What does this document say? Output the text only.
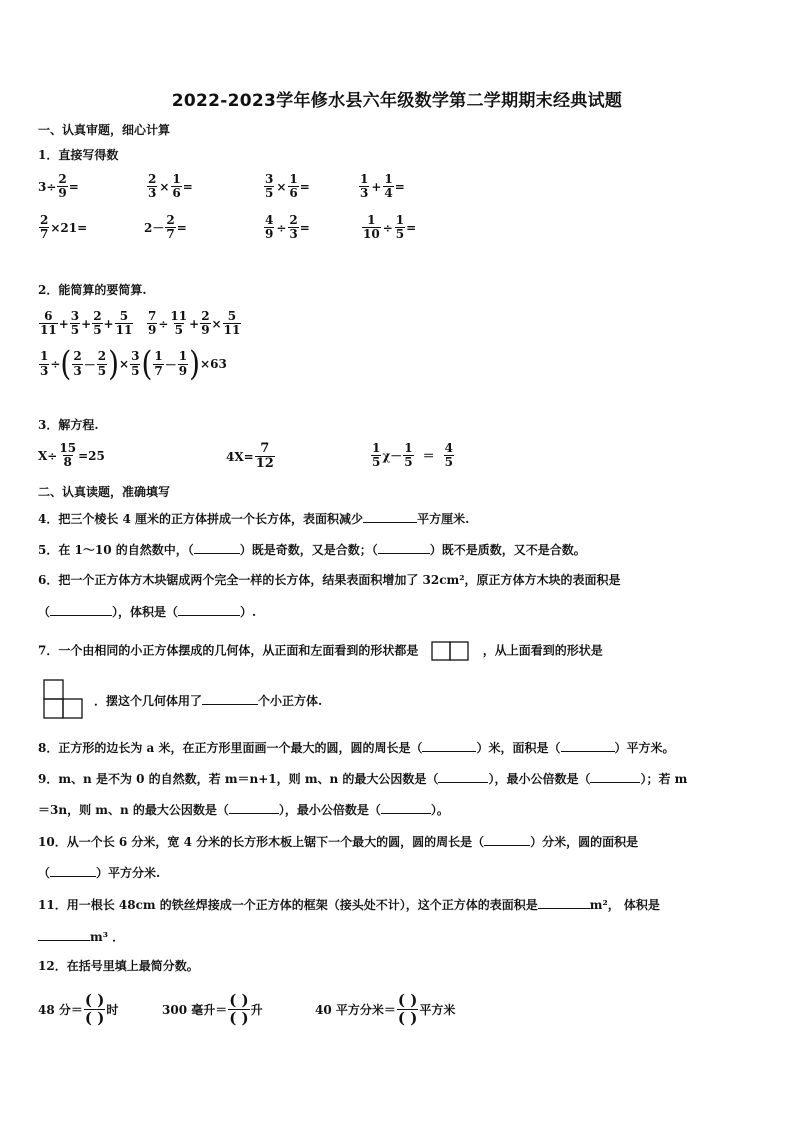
2022-2023学年修水县六年级数学第二学期期末经典试题
一、认真审题，细心计算
1．直接写得数
$3\div \frac{2}{9}$ =	$\frac{2}{3} \times \frac{1}{6}$ =	$\frac{3}{5} \times \frac{1}{6}$ =	$\frac{1}{3} + \frac{1}{4}$ =
$\frac{2}{7} \times 21=$	$2- \frac{2}{7}$ =	$\frac{4}{9} \div \frac{2}{3}$ =	$\frac{1}{10} \div \frac{1}{5}$ =
2．能简算的要简算.
$\frac{6}{11} + \frac{3}{5} + \frac{2}{5} + \frac{5}{11} \frac{7}{9} \div \frac{11}{5} + \frac{2}{9} \times \frac{5}{11}$
$\frac{1}{3}$ ÷ ( $\frac{2}{3} - \frac{2}{5}$ ) × $\frac{3}{5}$ ( $\frac{1}{7} - \frac{1}{9}$ ) ×63
3．解方程.
$X\div \frac{15}{8} =25$	$4X= \frac{7}{12}$	$\frac{1}{5} \chi- \frac{1}{5} = \frac{4}{5}$
二、认真读题，准确填写
4．把三个棱长 4 厘米的正方体拼成一个长方体，表面积减少	平方厘米.
5．在 1～10 的自然数中，（	）既是奇数，又是合数；（	）既不是质数，又不是合数。
6．把一个正方体方木块锯成两个完全一样的长方体，结果表面积增加了 32cm²，原正方体方木块的表面积是
（	），体积是（	）.
7．一个由相同的小正方体摆成的几何体，从正面和左面看到的形状都是	，从上面看到的形状是
．摆这个几何体用了	个小正方体.
8．正方形的边长为 a 米，在正方形里面画一个最大的圆，圆的周长是（	）米，面积是（	）平方米。
9．m、n 是不为 0 的自然数，若 m＝n+1，则 m、n 的最大公因数是（	），最小公倍数是（	）；若 m
＝3n，则 m、n 的最大公因数是（	），最小公倍数是（	）。
10．从一个长 6 分米，宽 4 分米的长方形木板上锯下一个最大的圆，圆的周长是（	）分米，圆的面积是
（	）平方分米.
11．用一根长 48cm 的铁丝焊接成一个正方体的框架（接头处不计），这个正方体的表面积是	m²， 体积是
m³ ．
12．在括号里填上最简分数。
48 分＝ $\frac{( )}{( )}$ 时	300 毫升＝ $\frac{( )}{( )}$ 升	40 平方分米＝ $\frac{( )}{( )}$ 平方米
